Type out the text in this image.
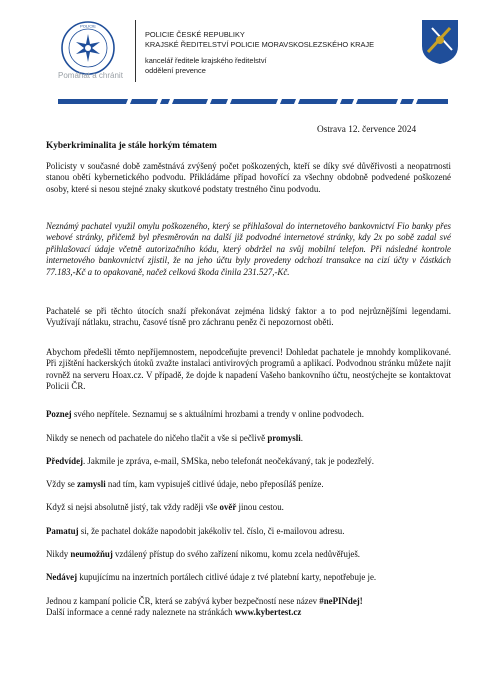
POLICIE
Pomáhat a chránit
POLICIE ČESKÉ REPUBLIKY
KRAJSKÉ ŘEDITELSTVÍ POLICIE MORAVSKOSLEZSKÉHO KRAJE
kancelář ředitele krajského ředitelství
oddělení prevence
Ostrava 12. července 2024
Kyberkriminalita je stále horkým tématem

Policisty v současné době zaměstnává zvýšený počet poškozených, kteří se díky své důvěřivosti a neopatrnosti stanou obětí kybernetického podvodu. Přikládáme případ hovořící za všechny obdobně podvedené poškozené osoby, které si nesou stejné znaky skutkové podstaty trestného činu podvodu.

Neznámý pachatel využil omylu poškozeného, který se přihlašoval do internetového bankovnictví Fio banky přes webové stránky, přičemž byl přesměrován na další již podvodné internetové stránky, kdy 2x po sobě zadal své přihlašovací údaje včetně autorizačního kódu, který obdržel na svůj mobilní telefon. Při následné kontrole internetového bankovnictví zjistil, že na jeho účtu byly provedeny odchozí transakce na cizí účty v částkách 77.183,-Kč a to opakovaně, načež celková škoda činila 231.527,-Kč.

Pachatelé se při těchto útocích snaží překonávat zejména lidský faktor a to pod nejrůznějšími legendami. Využívají nátlaku, strachu, časové tísně pro záchranu peněz či nepozornost oběti.

Abychom předešli těmto nepříjemnostem, nepodceňujte prevenci! Dohledat pachatele je mnohdy komplikované. Při zjištění hackerských útoků zvažte instalaci antivirových programů a aplikací. Podvodnou stránku můžete najít rovněž na serveru Hoax.cz. V případě, že dojde k napadení Vašeho bankovního účtu, neostýchejte se kontaktovat Policii ČR.

Poznej svého nepřítele. Seznamuj se s aktuálními hrozbami a trendy v online podvodech.

Nikdy se nenech od pachatele do ničeho tlačit a vše si pečlivě promysli.

Předvídej. Jakmile je zpráva, e-mail, SMSka, nebo telefonát neočekávaný, tak je podezřelý.

Vždy se zamysli nad tím, kam vypisuješ citlivé údaje, nebo přeposíláš peníze.

Když si nejsi absolutně jistý, tak vždy raději vše ověř jinou cestou.

Pamatuj si, že pachatel dokáže napodobit jakékoliv tel. číslo, či e-mailovou adresu.

Nikdy neumožňuj vzdálený přístup do svého zařízení nikomu, komu zcela nedůvěřuješ.

Nedávej kupujícímu na inzertních portálech citlivé údaje z tvé platební karty, nepotřebuje je.

Jednou z kampaní policie ČR, která se zabývá kyber bezpečností nese název #nePINdej!

Další informace a cenné rady naleznete na stránkách www.kybertest.cz
